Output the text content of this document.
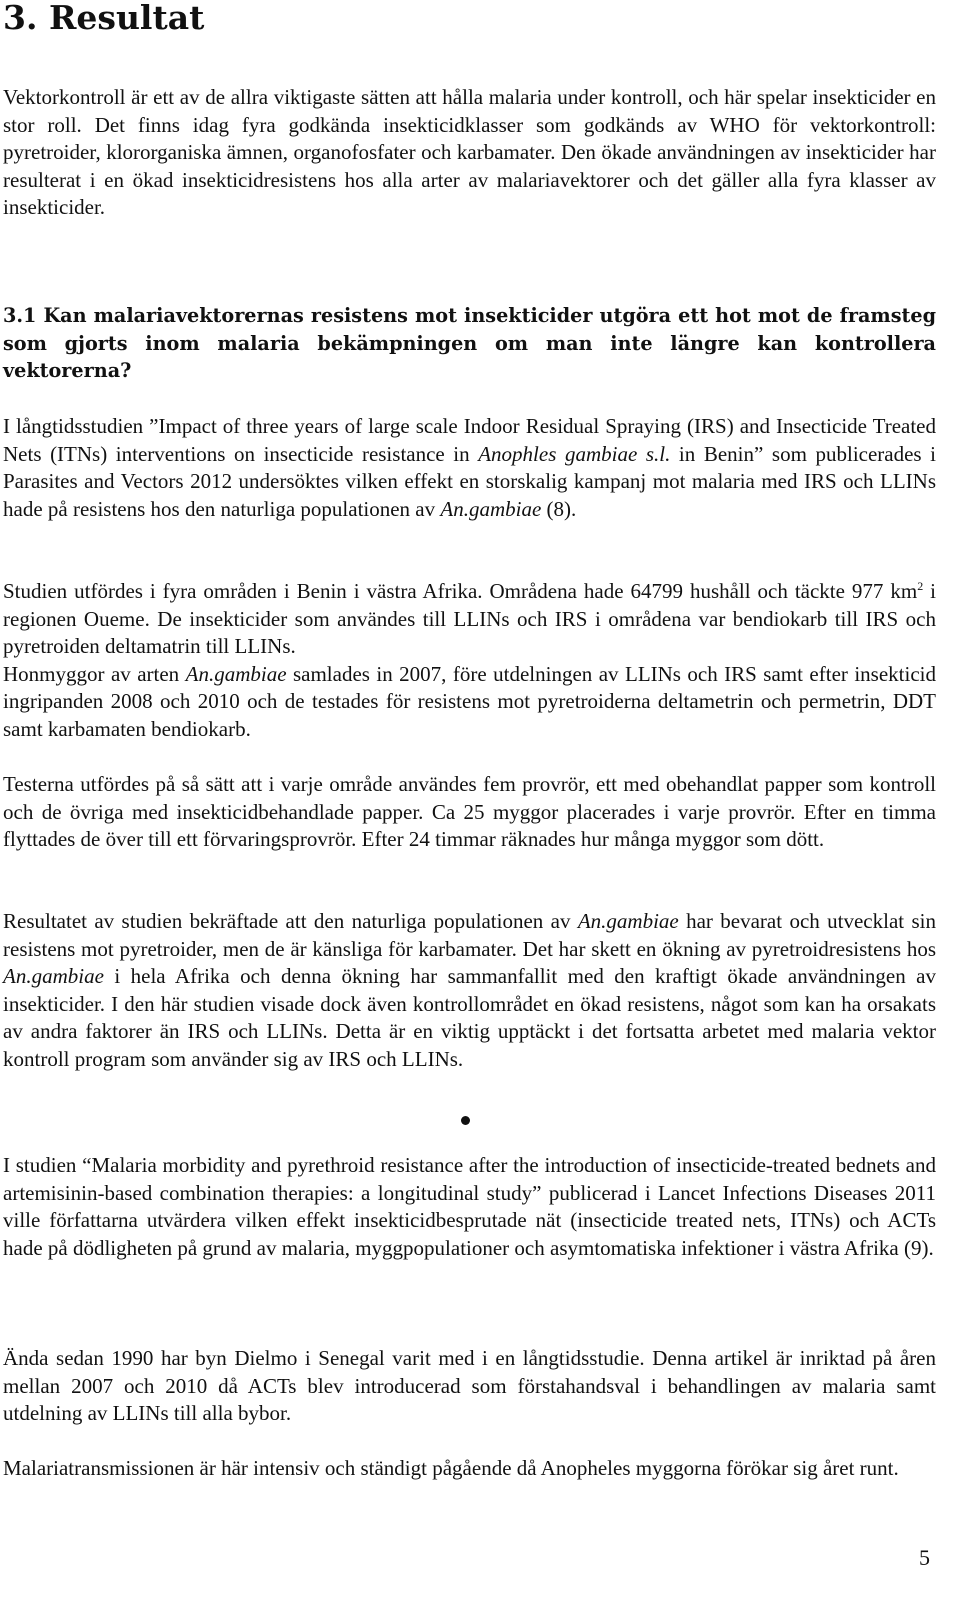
3. Resultat

Vektorkontroll är ett av de allra viktigaste sätten att hålla malaria under kontroll, och här spelar insekticider en stor roll. Det finns idag fyra godkända insekticidklasser som godkänds av WHO för vektorkontroll: pyretroider, klororganiska ämnen, organofosfater och karbamater. Den ökade användningen av insekticider har resulterat i en ökad insekticidresistens hos alla arter av malariavektorer och det gäller alla fyra klasser av insekticider.

3.1 Kan malariavektorernas resistens mot insekticider utgöra ett hot mot de framsteg som gjorts inom malaria bekämpningen om man inte längre kan kontrollera vektorerna?

I långtidsstudien ”Impact of three years of large scale Indoor Residual Spraying (IRS) and Insecticide Treated Nets (ITNs) interventions on insecticide resistance in Anophles gambiae s.l. in Benin” som publicerades i Parasites and Vectors 2012 undersöktes vilken effekt en storskalig kampanj mot malaria med IRS och LLINs hade på resistens hos den naturliga populationen av An.gambiae (8).

Studien utfördes i fyra områden i Benin i västra Afrika. Områdena hade 64799 hushåll och täckte 977 $km^2$ i regionen Oueme. De insekticider som användes till LLINs och IRS i områdena var bendiokarb till IRS och pyretroiden deltamatrin till LLINs.
Honmyggor av arten An.gambiae samlades in 2007, före utdelningen av LLINs och IRS samt efter insekticid ingripanden 2008 och 2010 och de testades för resistens mot pyretroiderna deltametrin och permetrin, DDT samt karbamaten bendiokarb.

Testerna utfördes på så sätt att i varje område användes fem provrör, ett med obehandlat papper som kontroll och de övriga med insekticidbehandlade papper. Ca 25 myggor placerades i varje provrör. Efter en timma flyttades de över till ett förvaringsprovrör. Efter 24 timmar räknades hur många myggor som dött.

Resultatet av studien bekräftade att den naturliga populationen av An.gambiae har bevarat och utvecklat sin resistens mot pyretroider, men de är känsliga för karbamater. Det har skett en ökning av pyretroidresistens hos An.gambiae i hela Afrika och denna ökning har sammanfallit med den kraftigt ökade användningen av insekticider. I den här studien visade dock även kontrollområdet en ökad resistens, något som kan ha orsakats av andra faktorer än IRS och LLINs. Detta är en viktig upptäckt i det fortsatta arbetet med malaria vektor kontroll program som använder sig av IRS och LLINs.

I studien “Malaria morbidity and pyrethroid resistance after the introduction of insecticide-treated bednets and artemisinin-based combination therapies: a longitudinal study” publicerad i Lancet Infections Diseases 2011 ville författarna utvärdera vilken effekt insekticidbesprutade nät (insecticide treated nets, ITNs) och ACTs hade på dödligheten på grund av malaria, myggpopulationer och asymtomatiska infektioner i västra Afrika (9).

Ända sedan 1990 har byn Dielmo i Senegal varit med i en långtidsstudie. Denna artikel är inriktad på åren mellan 2007 och 2010 då ACTs blev introducerad som förstahandsval i behandlingen av malaria samt utdelning av LLINs till alla bybor.

Malariatransmissionen är här intensiv och ständigt pågående då Anopheles myggorna förökar sig året runt.

5
